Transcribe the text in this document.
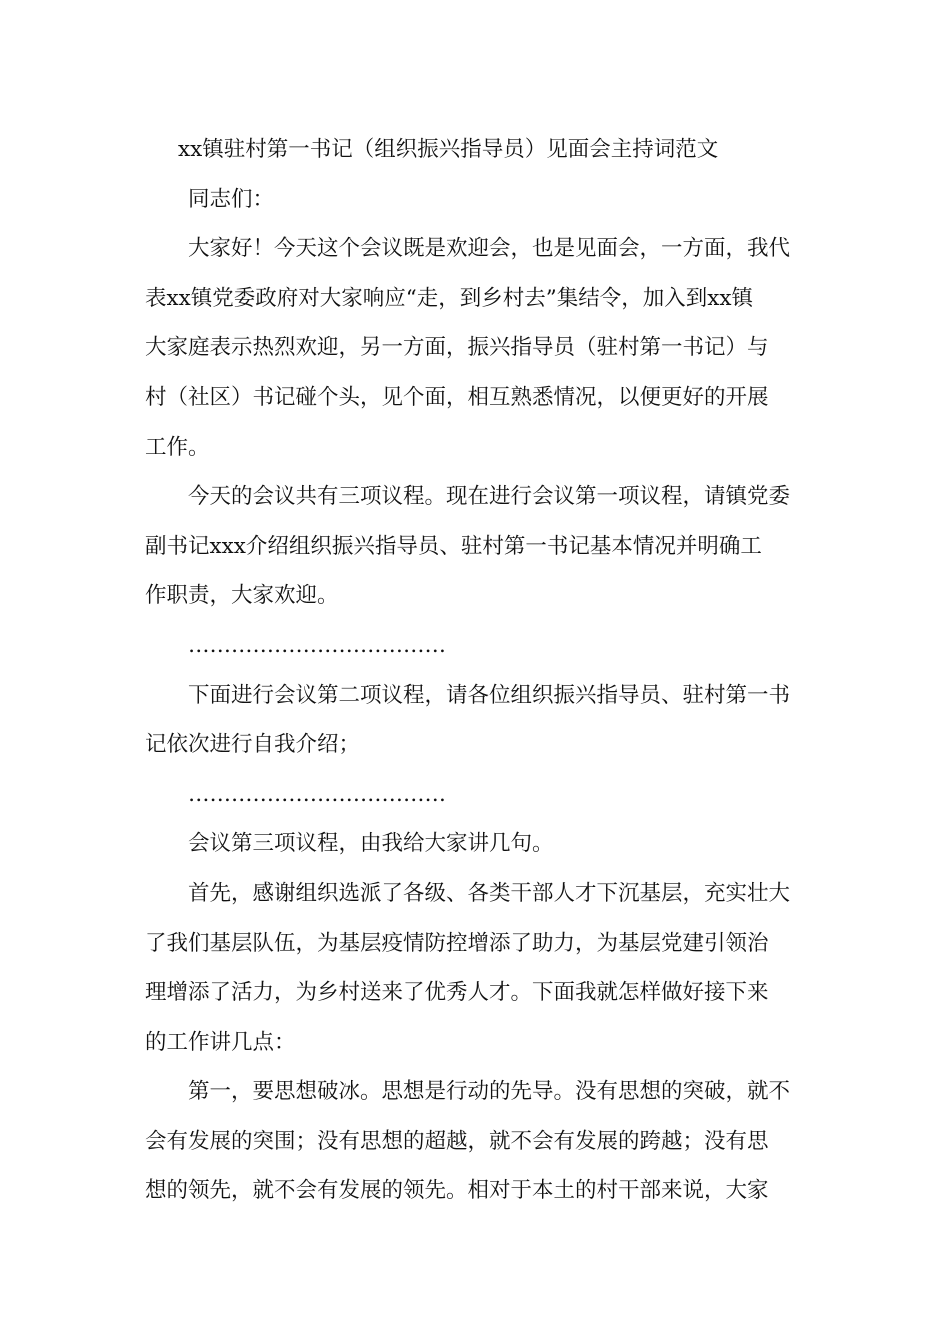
xx镇驻村第一书记（组织振兴指导员）见面会主持词范文

同志们：

大家好！今天这个会议既是欢迎会，也是见面会，一方面，我代
表xx镇党委政府对大家响应“走，到乡村去”集结令，加入到xx镇
大家庭表示热烈欢迎，另一方面，振兴指导员（驻村第一书记）与
村（社区）书记碰个头，见个面，相互熟悉情况，以便更好的开展
工作。

今天的会议共有三项议程。现在进行会议第一项议程，请镇党委
副书记xxx介绍组织振兴指导员、驻村第一书记基本情况并明确工
作职责，大家欢迎。

………………………………

下面进行会议第二项议程，请各位组织振兴指导员、驻村第一书
记依次进行自我介绍；

………………………………

会议第三项议程，由我给大家讲几句。

首先，感谢组织选派了各级、各类干部人才下沉基层，充实壮大
了我们基层队伍，为基层疫情防控增添了助力，为基层党建引领治
理增添了活力，为乡村送来了优秀人才。下面我就怎样做好接下来
的工作讲几点：

第一，要思想破冰。思想是行动的先导。没有思想的突破，就不
会有发展的突围；没有思想的超越，就不会有发展的跨越；没有思
想的领先，就不会有发展的领先。相对于本土的村干部来说，大家
